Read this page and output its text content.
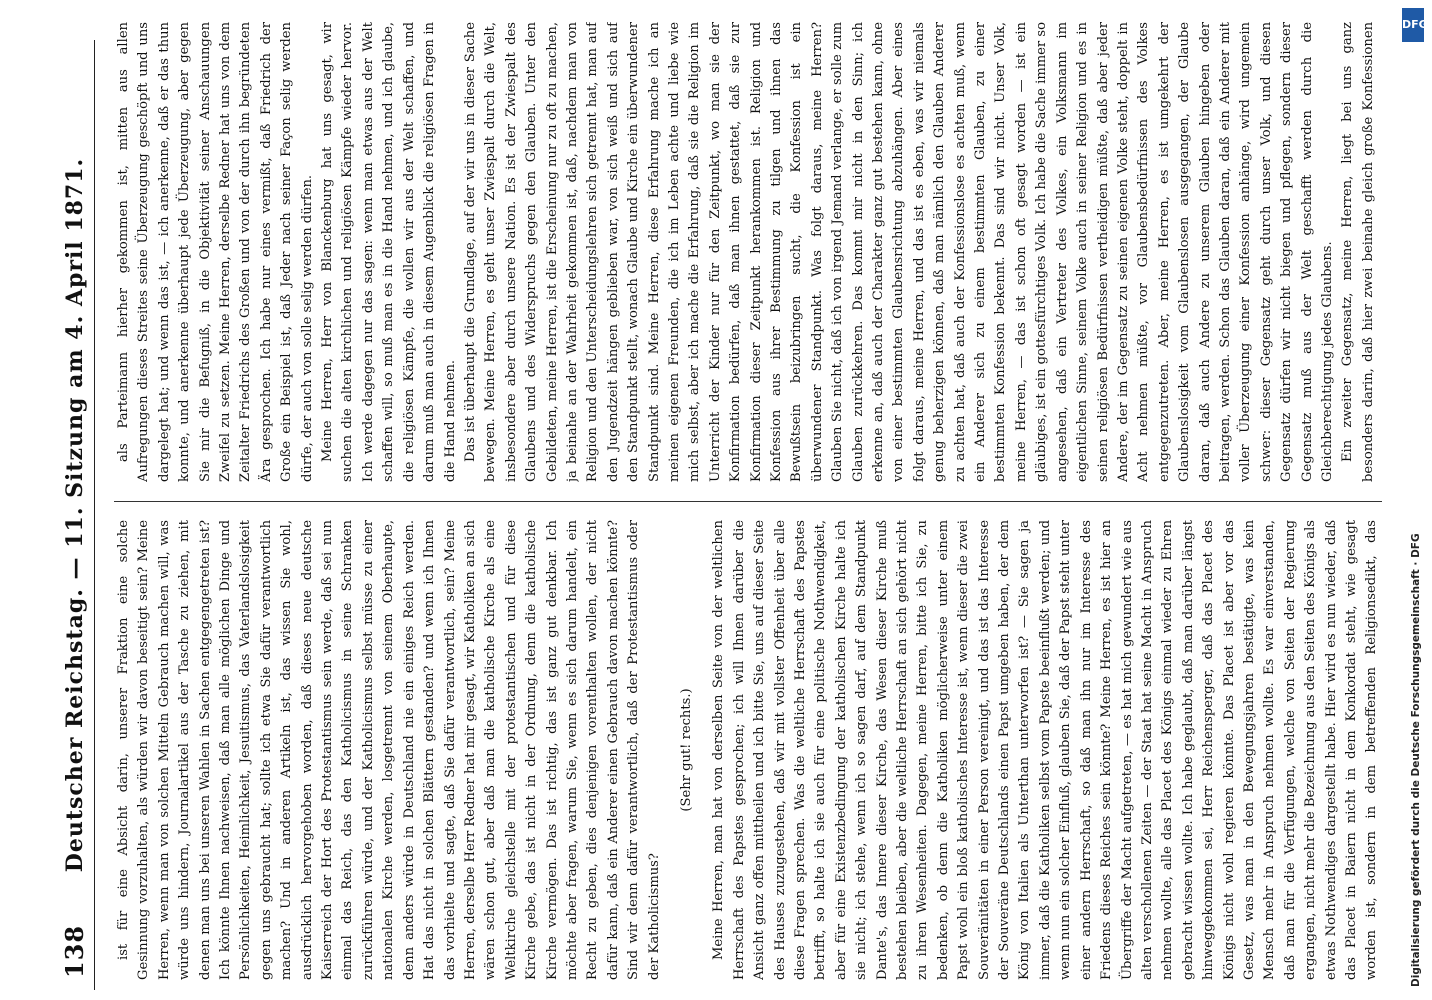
138
Deutscher Reichstag. — 11. Sitzung am 4. April 1871. ist für eine Absicht darin, unserer Fraktion eine solche Gesinnung vorzuhalten, als würden wir davon beseitigt sein? Meine Herren, wenn man von solchen Mitteln Gebrauch machen will, was würde uns hindern, Journalartikel aus der Tasche zu ziehen, mit denen man uns bei unseren Wahlen in Sachen entgegengetreten ist? Ich könnte Ihnen nachweisen, daß man alle möglichen Dinge und Persönlichkeiten, Heimlichkeit, Jesuitismus, das Vaterlandslosigkeit gegen uns gebraucht hat; sollte ich etwa Sie dafür verantwortlich machen? Und in anderen Artikeln ist, das wissen Sie wohl, ausdrücklich hervorgehoben worden, daß dieses neue deutsche Kaiserreich der Hort des Protestantismus sein werde, daß sei nun einmal das Reich, das den Katholicismus in seine Schranken zurückführen würde, und der Katholicismus selbst müsse zu einer nationalen Kirche werden, losgetrennt von seinem Oberhaupte, denn anders würde in Deutschland nie ein einiges Reich werden. Hat das nicht in solchen Blättern gestanden? und wenn ich Ihnen das vorhielte und sagte, daß Sie dafür verantwortlich, sein? Meine Herren, derselbe Herr Redner hat mir gesagt, wir Katholiken an sich wären schon gut, aber daß man die katholische Kirche als eine Weltkirche gleichstelle mit der protestantischen und für diese Kirche gebe, das ist nicht in der Ordnung, denn die katholische Kirche vermögen. Das ist richtig, das ist ganz gut denkbar. Ich möchte aber fragen, warum Sie, wenn es sich darum handelt, ein Recht zu geben, dies denjenigen vorenthalten wollen, der nicht dafür kann, daß ein Anderer einen Gebrauch davon machen könnte? Sind wir denn dafür verantwortlich, daß der Protestantismus oder der Katholicismus?

(Sehr gut! rechts.)

Meine Herren, man hat von derselben Seite von der weltlichen Herrschaft des Papstes gesprochen; ich will Ihnen darüber die Ansicht ganz offen mittheilen und ich bitte Sie, uns auf dieser Seite des Hauses zuzugestehen, daß wir mit vollster Offenheit über alle diese Fragen sprechen. Was die weltliche Herrschaft des Papstes betrifft, so halte ich sie auch für eine politische Nothwendigkeit, aber für eine Existenzbedingung der katholischen Kirche halte ich sie nicht; ich stehe, wenn ich so sagen darf, auf dem Standpunkt Dante's, das Innere dieser Kirche, das Wesen dieser Kirche muß bestehen bleiben, aber die weltliche Herrschaft an sich gehört nicht zu ihren Wesenheiten. Dagegen, meine Herren, bitte ich Sie, zu bedenken, ob denn die Katholiken möglicherweise unter einem Papst wohl ein bloß katholisches Interesse ist, wenn dieser die zwei Souveränitäten in einer Person vereinigt, und das ist das Interesse der Souveräne Deutschlands einen Papst umgeben haben, der dem König von Italien als Unterthan unterworfen ist? — Sie sagen ja immer, daß die Katholiken selbst vom Papste beeinflußt werden; und wenn nun ein solcher Einfluß, glauben Sie, daß der Papst steht unter einer andern Herrschaft, so daß man ihn nur im Interesse des Friedens dieses Reiches sein könnte? Meine Herren, es ist hier an Übergriffe der Macht aufgetreten, — es hat mich gewundert wie aus alten verschollenen Zeiten — der Staat hat seine Macht in Anspruch nehmen wollte, alle das Placet des Königs einmal wieder zu Ehren gebracht wissen wollte. Ich habe geglaubt, daß man darüber längst hinweggekommen sei, Herr Reichensperger, daß das Placet des Königs nicht wohl regieren könnte. Das Placet ist aber vor das Gesetz, was man in den Bewegungsjahren bestätigte, was kein Mensch mehr in Anspruch nehmen wollte. Es war einverstanden, daß man für die Verfügungen, welche von Seiten der Regierung ergangen, nicht mehr die Bezeichnung aus den Seiten des Königs als etwas Nothwendiges dargestellt habe. Hier wird es nun wieder, daß das Placet in Baiern nicht in dem Konkordat steht, wie gesagt worden ist, sondern in dem betreffenden Religionsedikt, das

als Parteimann hierher gekommen ist, mitten aus allen Aufregungen dieses Streites seine Überzeugung geschöpft und uns dargelegt hat; und wenn das ist, — ich anerkenne, daß er das thun konnte, und anerkenne überhaupt jede Überzeugung, aber gegen Sie mir die Befugniß, in die Objektivität seiner Anschauungen Zweifel zu setzen. Meine Herren, derselbe Redner hat uns von dem Zeitalter Friedrichs des Großen und von der durch ihn begründeten Ära gesprochen. Ich habe nur eines vermißt, daß Friedrich der Große ein Beispiel ist, daß Jeder nach seiner Façon selig werden dürfe, der auch von solle selig werden dürfen. Meine Herren, Herr von Blanckenburg hat uns gesagt, wir suchen die alten kirchlichen und religiösen Kämpfe wieder hervor. Ich werde dagegen nur das sagen: wenn man etwas aus der Welt schaffen will, so muß man es in die Hand nehmen, und ich glaube, die religiösen Kämpfe, die wollen wir aus der Welt schaffen, und darum muß man auch in diesem Augenblick die religiösen Fragen in die Hand nehmen. Das ist überhaupt die Grundlage, auf der wir uns in dieser Sache bewegen. Meine Herren, es geht unser Zwiespalt durch die Welt, insbesondere aber durch unsere Nation. Es ist der Zwiespalt des Glaubens und des Widerspruchs gegen den Glauben. Unter den Gebildeten, meine Herren, ist die Erscheinung nur zu oft zu machen, ja beinahe an der Wahrheit gekommen ist, daß, nachdem man von Religion und den Unterscheidungslehren sich getrennt hat, man auf den Jugendzeit hängen geblieben war, von sich weiß und sich auf den Standpunkt stellt, wonach Glaube und Kirche ein überwundener Standpunkt sind. Meine Herren, diese Erfahrung mache ich an meinen eigenen Freunden, die ich im Leben achte und liebe wie mich selbst, aber ich mache die Erfahrung, daß sie die Religion im Unterricht der Kinder nur für den Zeitpunkt, wo man sie der Konfirmation bedürfen, daß man ihnen gestattet, daß sie zur Konfirmation dieser Zeitpunkt herankommen ist. Religion und Konfession aus ihrer Bestimmung zu tilgen und ihnen das Bewußtsein beizubringen sucht, die Konfession ist ein überwundener Standpunkt. Was folgt daraus, meine Herren? Glauben Sie nicht, daß ich von irgend Jemand verlange, er solle zum Glauben zurückkehren. Das kommt mir nicht in den Sinn; ich erkenne an, daß auch der Charakter ganz gut bestehen kann, ohne von einer bestimmten Glaubensrichtung abzuhängen. Aber eines folgt daraus, meine Herren, und das ist es eben, was wir niemals genug beherzigen können, daß man nämlich den Glauben Anderer zu achten hat, daß auch der Konfessionslose es achten muß, wenn ein Anderer sich zu einem bestimmten Glauben, zu einer bestimmten Konfession bekennt. Das sind wir nicht. Unser Volk, meine Herren, — das ist schon oft gesagt worden — ist ein gläubiges, ist ein gottesfürchtiges Volk. Ich habe die Sache immer so angesehen, daß ein Vertreter des Volkes, ein Volksmann im eigentlichen Sinne, seinem Volke auch in seiner Religion und es in seinen religiösen Bedürfnissen vertheidigen müßte, daß aber jeder Andere, der im Gegensatz zu seinen eigenen Volke steht, doppelt in Acht nehmen müßte, vor Glaubensbedürfnissen des Volkes entgegenzutreten. Aber, meine Herren, es ist umgekehrt der Glaubenslosigkeit vom Glaubenslosen ausgegangen, der Glaube daran, daß auch Andere zu unserem Glauben hingeben oder beitragen, werden. Schon das Glauben daran, daß ein Anderer mit voller Überzeugung einer Konfession anhänge, wird ungemein schwer: dieser Gegensatz geht durch unser Volk, und diesen Gegensatz dürfen wir nicht biegen und pflegen, sondern dieser Gegensatz muß aus der Welt geschafft werden durch die Gleichberechtigung jedes Glaubens. Ein zweiter Gegensatz, meine Herren, liegt bei uns ganz besonders darin, daß hier zwei beinahe gleich große Konfessionen	DFG
Digitalisierung gefördert durch die Deutsche Forschungsgemeinschaft · DFG
